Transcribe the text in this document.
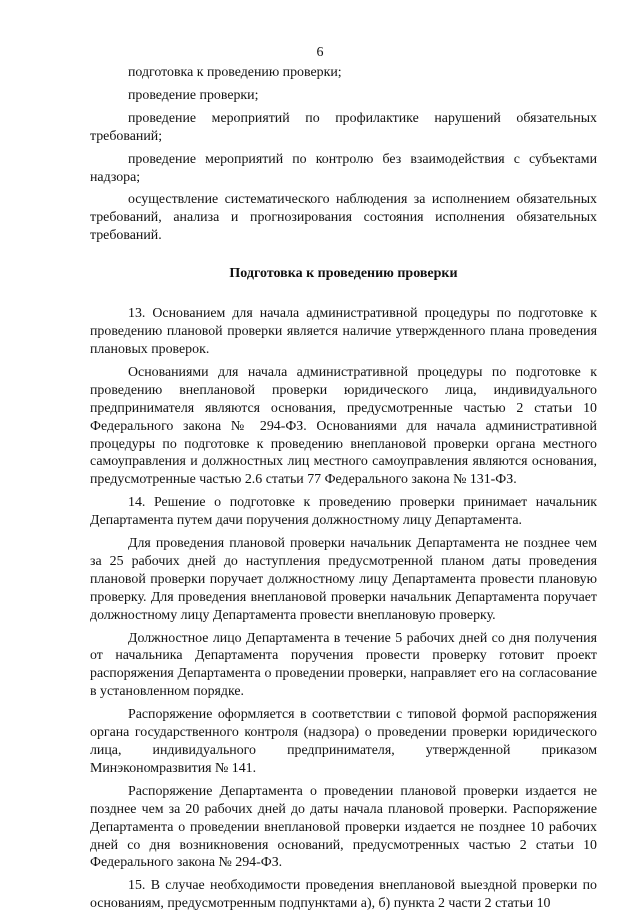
6

подготовка к проведению проверки;

проведение проверки;

проведение мероприятий по профилактике нарушений обязательных требований;

проведение мероприятий по контролю без взаимодействия с субъектами надзора;

осуществление систематического наблюдения за исполнением обязательных требований, анализа и прогнозирования состояния исполнения обязательных требований.

Подготовка к проведению проверки

13. Основанием для начала административной процедуры по подготовке к проведению плановой проверки является наличие утвержденного плана проведения плановых проверок.

Основаниями для начала административной процедуры по подготовке к проведению внеплановой проверки юридического лица, индивидуального предпринимателя являются основания, предусмотренные частью 2 статьи 10 Федерального закона № 294-ФЗ. Основаниями для начала административной процедуры по подготовке к проведению внеплановой проверки органа местного самоуправления и должностных лиц местного самоуправления являются основания, предусмотренные частью 2.6 статьи 77 Федерального закона № 131-ФЗ.

14. Решение о подготовке к проведению проверки принимает начальник Департамента путем дачи поручения должностному лицу Департамента.

Для проведения плановой проверки начальник Департамента не позднее чем за 25 рабочих дней до наступления предусмотренной планом даты проведения плановой проверки поручает должностному лицу Департамента провести плановую проверку. Для проведения внеплановой проверки начальник Департамента поручает должностному лицу Департамента провести внеплановую проверку.

Должностное лицо Департамента в течение 5 рабочих дней со дня получения от начальника Департамента поручения провести проверку готовит проект распоряжения Департамента о проведении проверки, направляет его на согласование в установленном порядке.

Распоряжение оформляется в соответствии с типовой формой распоряжения органа государственного контроля (надзора) о проведении проверки юридического лица, индивидуального предпринимателя, утвержденной приказом Минэкономразвития № 141.

Распоряжение Департамента о проведении плановой проверки издается не позднее чем за 20 рабочих дней до даты начала плановой проверки. Распоряжение Департамента о проведении внеплановой проверки издается не позднее 10 рабочих дней со дня возникновения оснований, предусмотренных частью 2 статьи 10 Федерального закона № 294-ФЗ.

15. В случае необходимости проведения внеплановой выездной проверки по основаниям, предусмотренным подпунктами а), б) пункта 2 части 2 статьи 10
